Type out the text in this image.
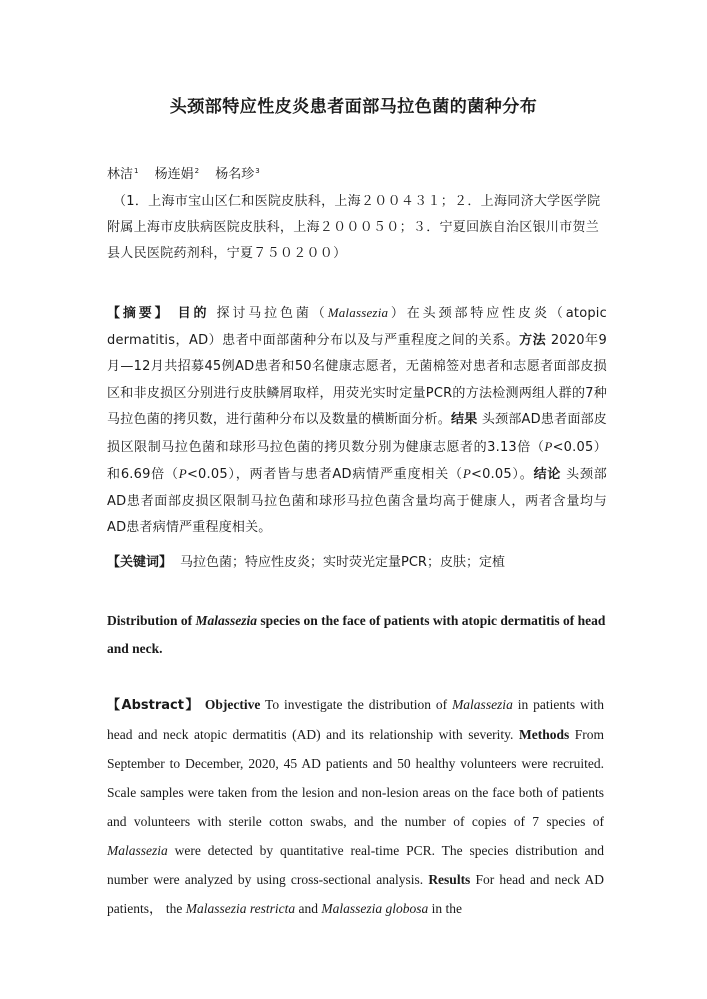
头颈部特应性皮炎患者面部马拉色菌的菌种分布
林洁$^1$ 杨连娟$^2$ 杨名珍$^3$
（1．上海市宝山区仁和医院皮肤科，上海２００４３１；２．上海同济大学医学院附属上海市皮肤病医院皮肤科，上海２０００５０；３．宁夏回族自治区银川市贺兰县人民医院药剂科，宁夏７５０２００）
【摘要】 目的 探讨马拉色菌（Malassezia）在头颈部特应性皮炎（atopic dermatitis，AD）患者中面部菌种分布以及与严重程度之间的关系。方法 2020年9月—12月共招募45例AD患者和50名健康志愿者，无菌棉签对患者和志愿者面部皮损区和非皮损区分别进行皮肤鳞屑取样，用荧光实时定量PCR的方法检测两组人群的7种马拉色菌的拷贝数，进行菌种分布以及数量的横断面分析。结果 头颈部AD患者面部皮损区限制马拉色菌和球形马拉色菌的拷贝数分别为健康志愿者的3.13倍（P<0.05）和6.69倍（P<0.05），两者皆与患者AD病情严重度相关（P<0.05）。结论 头颈部AD患者面部皮损区限制马拉色菌和球形马拉色菌含量均高于健康人，两者含量均与AD患者病情严重程度相关。
【关键词】 马拉色菌；特应性皮炎；实时荧光定量PCR；皮肤；定植
Distribution of Malassezia species on the face of patients with atopic dermatitis of head and neck.
【Abstract】 Objective To investigate the distribution of Malassezia in patients with head and neck atopic dermatitis (AD) and its relationship with severity. Methods From September to December, 2020, 45 AD patients and 50 healthy volunteers were recruited. Scale samples were taken from the lesion and non-lesion areas on the face both of patients and volunteers with sterile cotton swabs, and the number of copies of 7 species of Malassezia were detected by quantitative real-time PCR. The species distribution and number were analyzed by using cross-sectional analysis. Results For head and neck AD patients， the Malassezia restricta and Malassezia globosa in the
